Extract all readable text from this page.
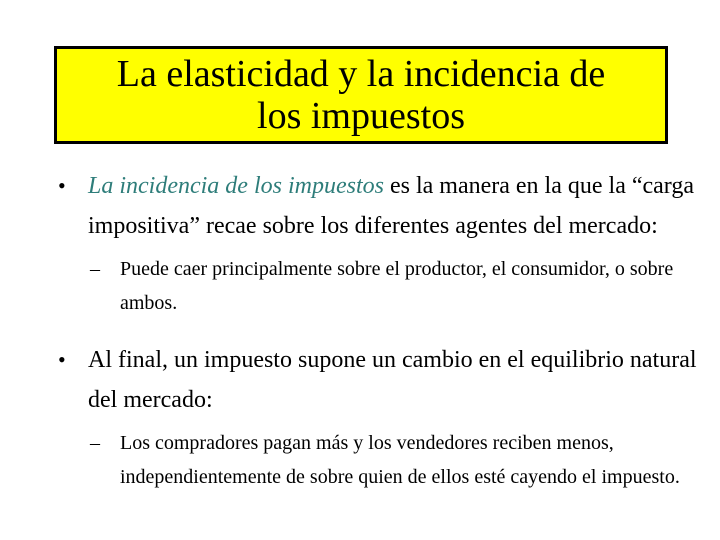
La elasticidad y la incidencia de
los impuestos
• La incidencia de los impuestos es la manera en la que la “carga impositiva” recae sobre los diferentes agentes del mercado:
– Puede caer principalmente sobre el productor, el consumidor, o sobre ambos.
• Al final, un impuesto supone un cambio en el equilibrio natural del mercado:
– Los compradores pagan más y los vendedores reciben menos, independientemente de sobre quien de ellos esté cayendo el impuesto.
